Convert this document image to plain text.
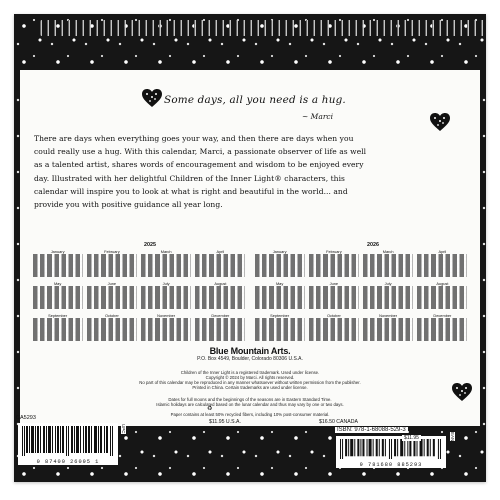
Some days, all you need is a hug.
~ Marci
There are days when everything goes your way, and then there are days when you
could really use a hug. With this calendar, Marci, a passionate observer of life as well
as a talented artist, shares words of encouragement and wisdom to be enjoyed every
day. Illustrated with her delightful Children of the Inner Light® characters, this
calendar will inspire you to look at what is right and beautiful in the world... and
provide you with positive guidance all year long.
2025	2026
January	February	March	April
May	June	July	August
September	October	November	December
January	February	March	April
May	June	July	August
September	October	November	December
Blue Mountain Arts.
P.O. Box 4549, Boulder, Colorado 80306 U.S.A.
Children of the Inner Light is a registered trademark. Used under license.
Copyright © 2024 by Marci. All rights reserved.
No part of this calendar may be reproduced in any manner whatsoever without written permission from the publisher.
Printed in China. Certain trademarks are used under license.
Dates for full moons and the beginnings of the seasons are in Eastern Standard Time.
Islamic holidays are calculated based on the lunar calendar and thus may vary by one or two days.
♻
Paper contains at least 50% recycled fibers, including 10% post-consumer material.
CA5293
$11.95 U.S.A.	$16.50 CANADA
0 87400 26095 1
UPC
9 781680 885293
ISBN: 978-1-68088-529-3
$11.95	EAN
